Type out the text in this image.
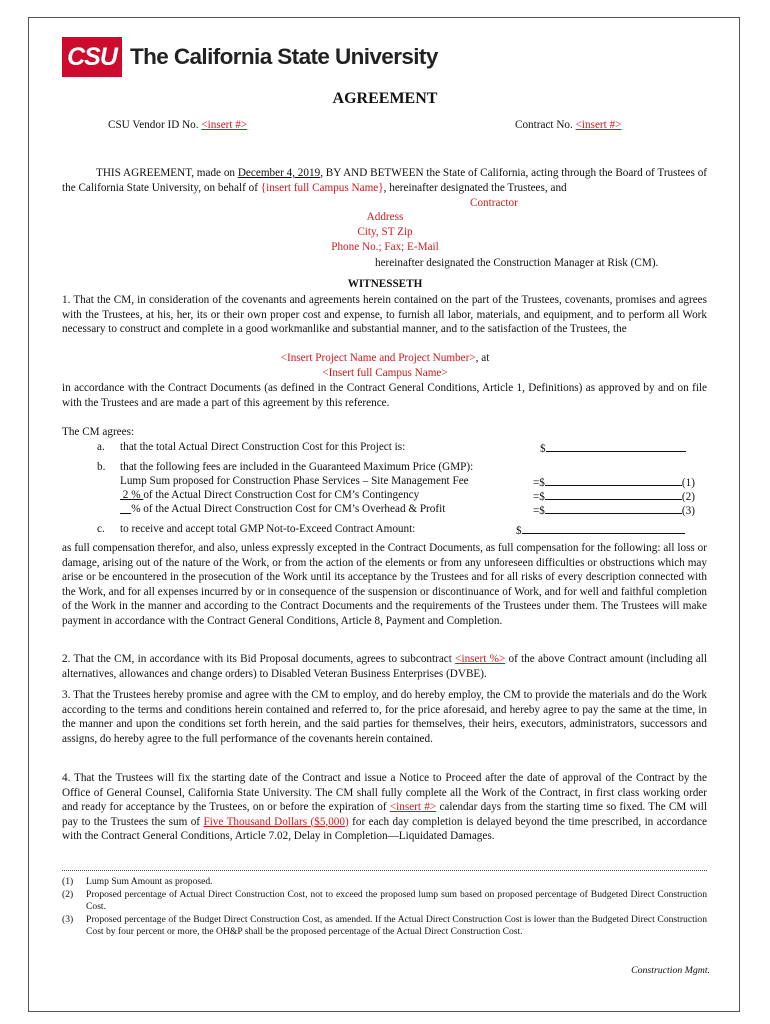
CSU The California State University
AGREEMENT
CSU Vendor ID No. <insert #>	Contract No. <insert #>
THIS AGREEMENT, made on December 4, 2019, BY AND BETWEEN the State of California, acting through the Board of Trustees of the California State University, on behalf of {insert full Campus Name}, hereinafter designated the Trustees, and
Contractor
Address
City, ST Zip
Phone No.; Fax; E-Mail
hereinafter designated the Construction Manager at Risk (CM).
WITNESSETH
1. That the CM, in consideration of the covenants and agreements herein contained on the part of the Trustees, covenants, promises and agrees with the Trustees, at his, her, its or their own proper cost and expense, to furnish all labor, materials, and equipment, and to perform all Work necessary to construct and complete in a good workmanlike and substantial manner, and to the satisfaction of the Trustees, the
<Insert Project Name and Project Number>, at
<Insert full Campus Name>
in accordance with the Contract Documents (as defined in the Contract General Conditions, Article 1, Definitions) as approved by and on file with the Trustees and are made a part of this agreement by this reference.
The CM agrees:
a. that the total Actual Direct Construction Cost for this Project is:	$
b. that the following fees are included in the Guaranteed Maximum Price (GMP):
Lump Sum proposed for Construction Phase Services – Site Management Fee	=$	(1)
2 % of the Actual Direct Construction Cost for CM’s Contingency	=$	(2)
% of the Actual Direct Construction Cost for CM’s Overhead & Profit	=$	(3)
c. to receive and accept total GMP Not-to-Exceed Contract Amount:	$
as full compensation therefor, and also, unless expressly excepted in the Contract Documents, as full compensation for the following: all loss or damage, arising out of the nature of the Work, or from the action of the elements or from any unforeseen difficulties or obstructions which may arise or be encountered in the prosecution of the Work until its acceptance by the Trustees and for all risks of every description connected with the Work, and for all expenses incurred by or in consequence of the suspension or discontinuance of Work, and for well and faithful completion of the Work in the manner and according to the Contract Documents and the requirements of the Trustees under them. The Trustees will make payment in accordance with the Contract General Conditions, Article 8, Payment and Completion.
2. That the CM, in accordance with its Bid Proposal documents, agrees to subcontract <insert %> of the above Contract amount (including all alternatives, allowances and change orders) to Disabled Veteran Business Enterprises (DVBE).
3. That the Trustees hereby promise and agree with the CM to employ, and do hereby employ, the CM to provide the materials and do the Work according to the terms and conditions herein contained and referred to, for the price aforesaid, and hereby agree to pay the same at the time, in the manner and upon the conditions set forth herein, and the said parties for themselves, their heirs, executors, administrators, successors and assigns, do hereby agree to the full performance of the covenants herein contained.
4. That the Trustees will fix the starting date of the Contract and issue a Notice to Proceed after the date of approval of the Contract by the Office of General Counsel, California State University. The CM shall fully complete all the Work of the Contract, in first class working order and ready for acceptance by the Trustees, on or before the expiration of <insert #> calendar days from the starting time so fixed. The CM will pay to the Trustees the sum of Five Thousand Dollars ($5,000) for each day completion is delayed beyond the time prescribed, in accordance with the Contract General Conditions, Article 7.02, Delay in Completion—Liquidated Damages.
(1)	Lump Sum Amount as proposed.
(2)	Proposed percentage of Actual Direct Construction Cost, not to exceed the proposed lump sum based on proposed percentage of Budgeted Direct Construction Cost.
(3)	Proposed percentage of the Budget Direct Construction Cost, as amended. If the Actual Direct Construction Cost is lower than the Budgeted Direct Construction Cost by four percent or more, the OH&P shall be the proposed percentage of the Actual Direct Construction Cost.
Construction Mgmt.
